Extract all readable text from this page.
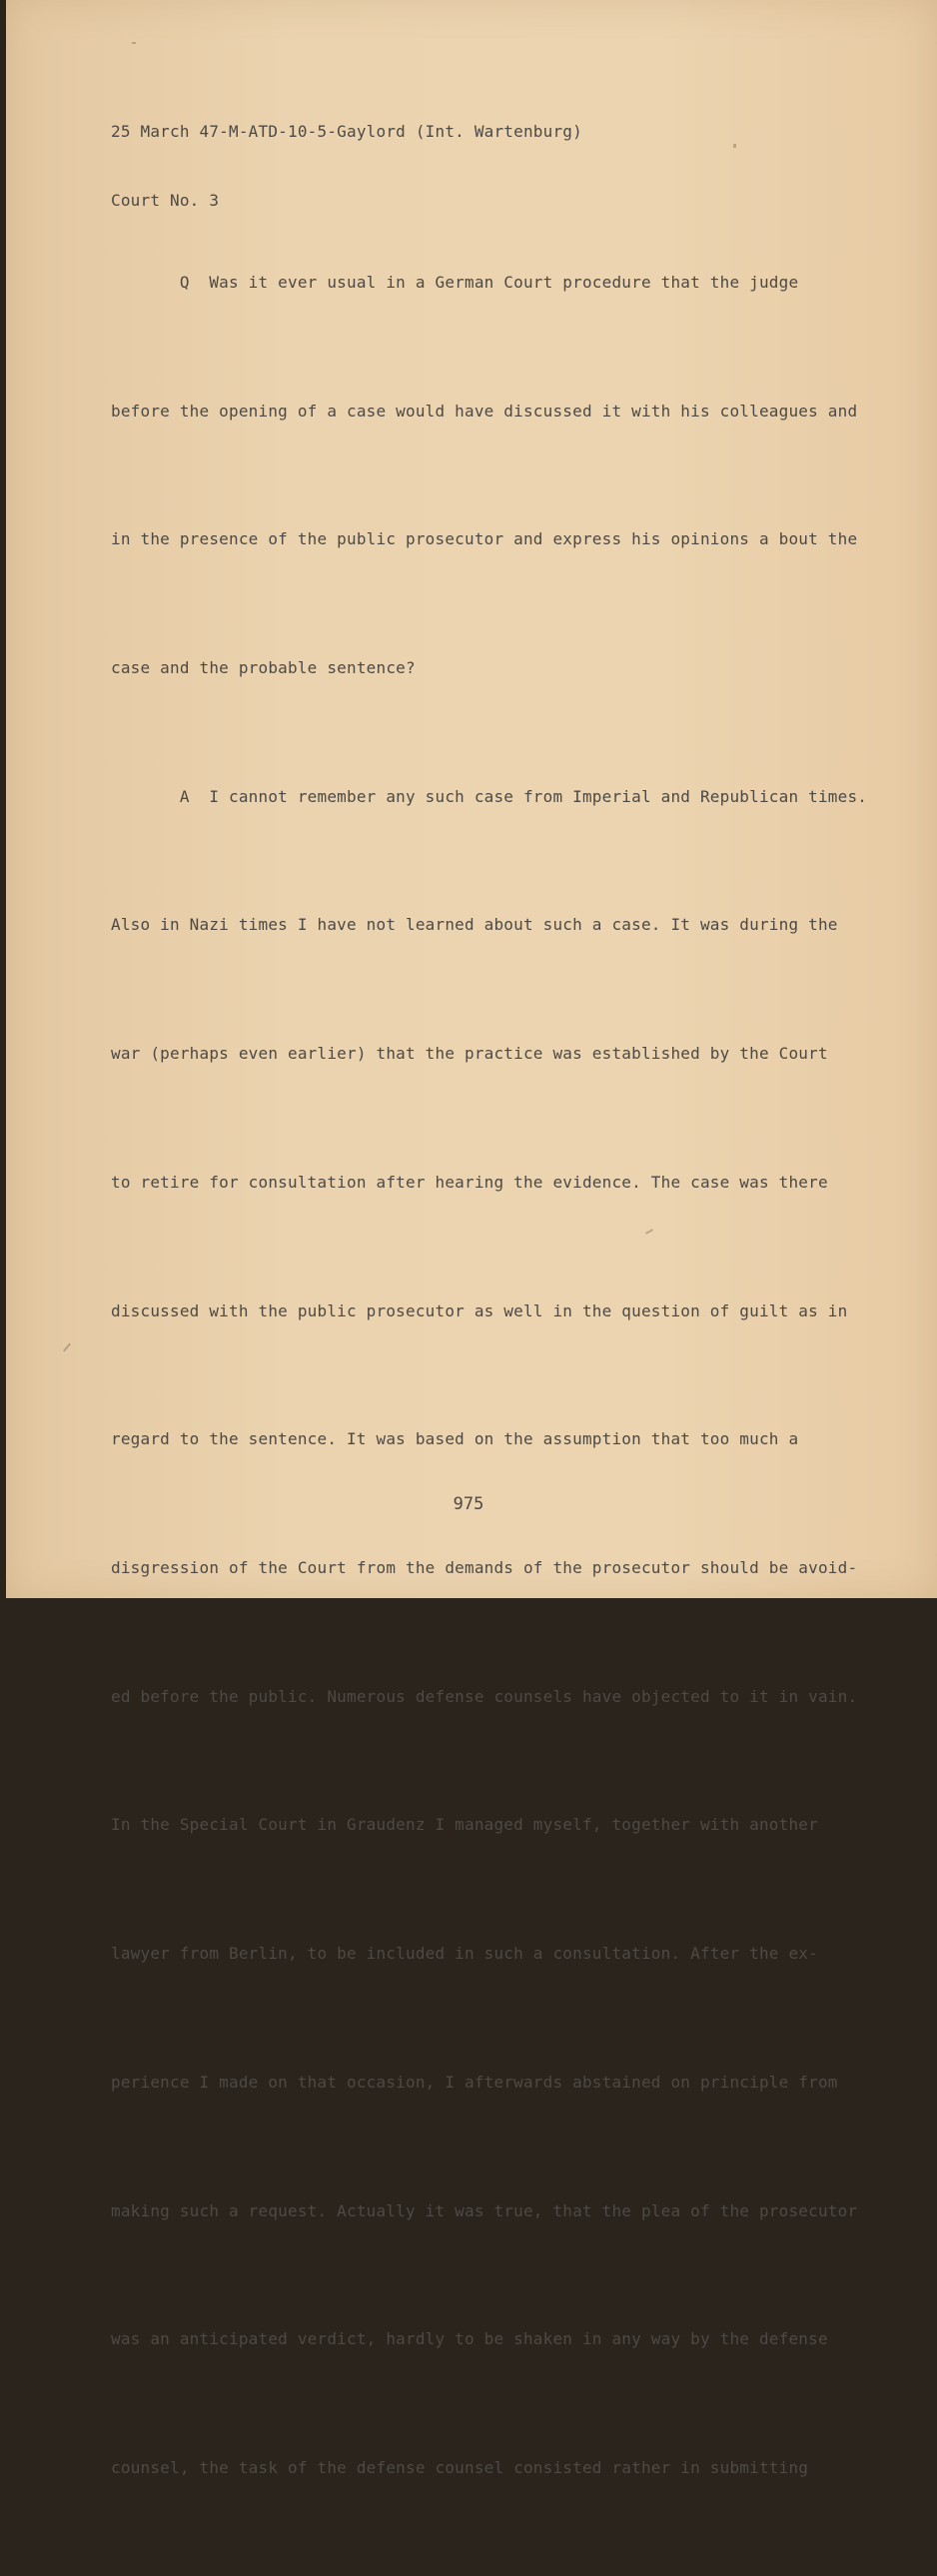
25 March 47-M-ATD-10-5-Gaylord (Int. Wartenburg)

Court No. 3

Q  Was it ever usual in a German Court procedure that the judge

before the opening of a case would have discussed it with his colleagues and

in the presence of the public prosecutor and express his opinions a bout the

case and the probable sentence?

A  I cannot remember any such case from Imperial and Republican times.

Also in Nazi times I have not learned about such a case. It was during the

war (perhaps even earlier) that the practice was established by the Court

to retire for consultation after hearing the evidence. The case was there

discussed with the public prosecutor as well in the question of guilt as in

regard to the sentence. It was based on the assumption that too much a

disgression of the Court from the demands of the prosecutor should be avoid-

ed before the public. Numerous defense counsels have objected to it in vain.

In the Special Court in Graudenz I managed myself, together with another

lawyer from Berlin, to be included in such a consultation. After the ex-

perience I made on that occasion, I afterwards abstained on principle from

making such a request. Actually it was true, that the plea of the prosecutor

was an anticipated verdict, hardly to be shaken in any way by the defense

counsel, the task of the defense counsel consisted rather in submitting

975
